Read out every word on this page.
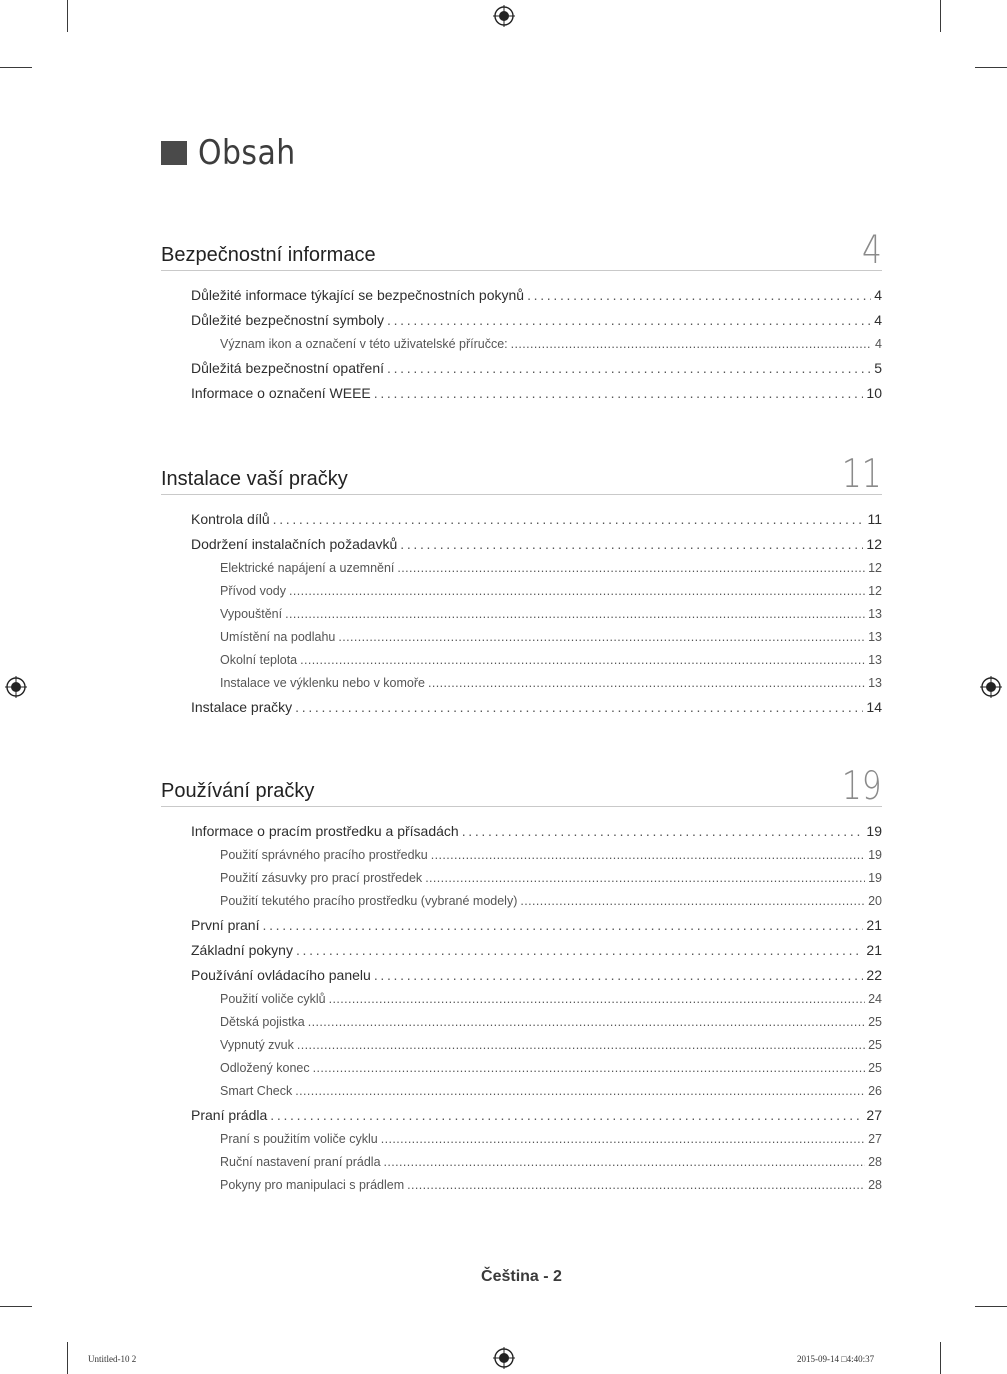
Obsah
Bezpečnostní informace	4
Důležité informace týkající se bezpečnostních pokynů . . .	4
Důležité bezpečnostní symboly . . .	4
Význam ikon a označení v této uživatelské příručce: .....	4
Důležitá bezpečnostní opatření . . .	5
Informace o označení WEEE . . .	10
Instalace vaší pračky	11
Kontrola dílů . . .	11
Dodržení instalačních požadavků . . .	12
Elektrické napájení a uzemnění .....	12
Přívod vody .....	12
Vypouštění .....	13
Umístění na podlahu .....	13
Okolní teplota .....	13
Instalace ve výklenku nebo v komoře .....	13
Instalace pračky . . .	14
Používání pračky	19
Informace o pracím prostředku a přísadách . . .	19
Použití správného pracího prostředku .....	19
Použití zásuvky pro prací prostředek .....	19
Použití tekutého pracího prostředku (vybrané modely) .....	20
První praní . . .	21
Základní pokyny . . .	21
Používání ovládacího panelu . . .	22
Použití voliče cyklů .....	24
Dětská pojistka .....	25
Vypnutý zvuk .....	25
Odložený konec .....	25
Smart Check .....	26
Praní prádla . . .	27
Praní s použitím voliče cyklu .....	27
Ruční nastavení praní prádla .....	28
Pokyny pro manipulaci s prádlem .....	28
Čeština - 2
Untitled-10 2	2015-09-14 □4:40:37
